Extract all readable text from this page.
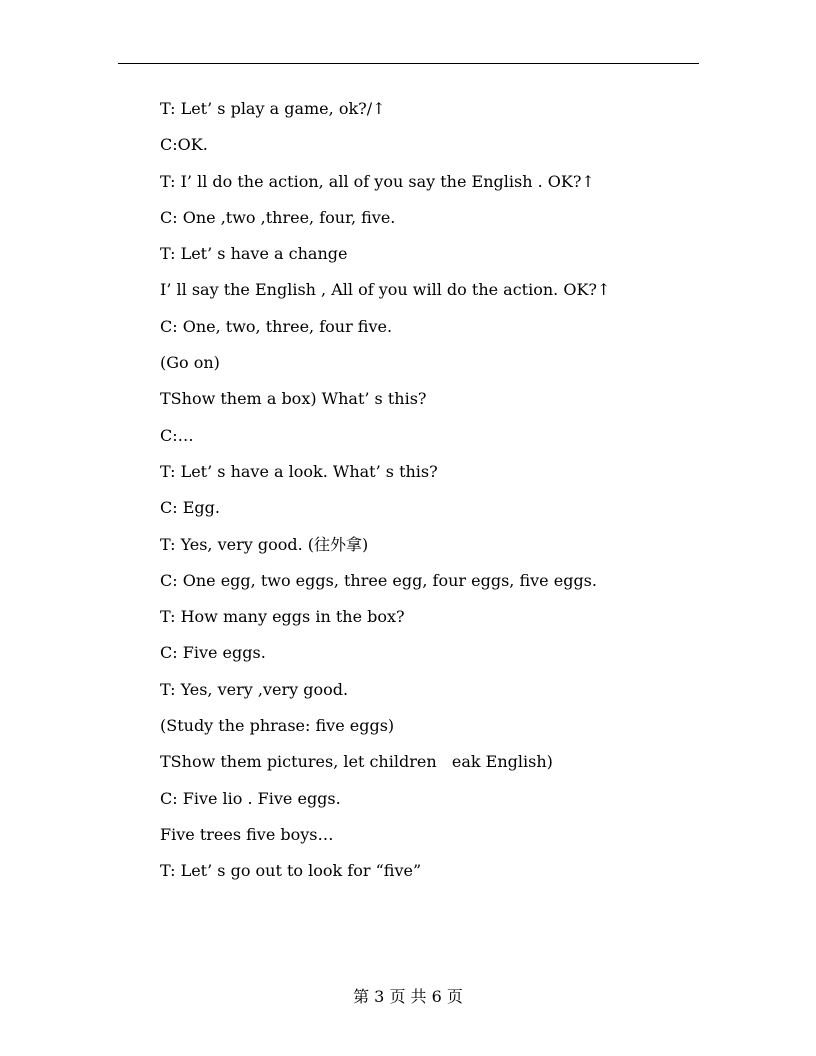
T: Let’ s play a game, ok?/↑
C:OK.
T: I’ ll do the action, all of you say the English . OK?↑
C: One ,two ,three, four, five.
T: Let’ s have a change
I’ ll say the English , All of you will do the action. OK?↑
C: One, two, three, four five.
(Go on)
TShow them a box) What’ s this?
C:…
T: Let’ s have a look. What’ s this?
C: Egg.
T: Yes, very good. (往外拿)
C: One egg, two eggs, three egg, four eggs, five eggs.
T: How many eggs in the box?
C: Five eggs.
T: Yes, very ,very good.
(Study the phrase: five eggs)
TShow them pictures, let children   eak English)
C: Five lio . Five eggs.
Five trees five boys…
T: Let’ s go out to look for “five”
第 3 页 共 6 页
